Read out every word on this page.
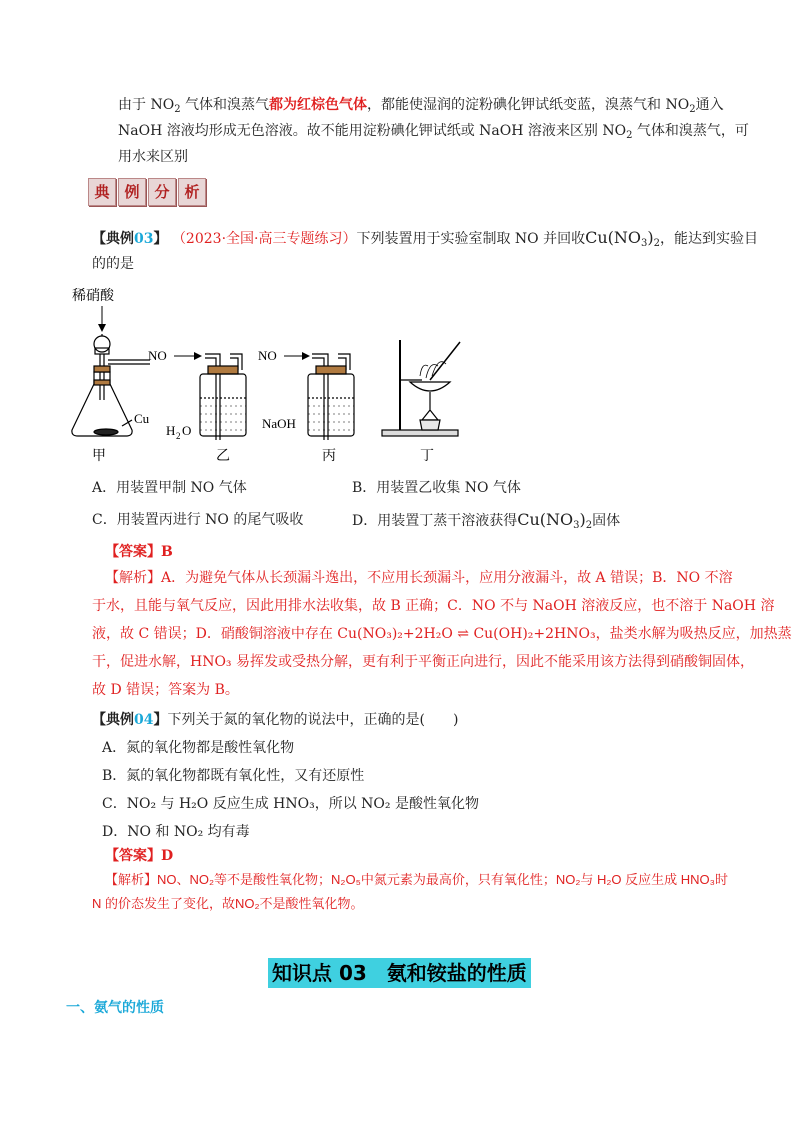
由于 $NO_2$ 气体和溴蒸气都为红棕色气体，都能使湿润的淀粉碘化钾试纸变蓝，溴蒸气和 $NO_2$通入
NaOH 溶液均形成无色溶液。故不能用淀粉碘化钾试纸或 NaOH 溶液来区别 $NO_2$ 气体和溴蒸气，可
用水来区别
典 例 分 析
【典例03】 （2023·全国·高三专题练习）下列装置用于实验室制取 NO 并回收$Cu(NO_3)_2$，能达到实验目
的的是
稀硝酸
Cu
甲
NO
H 2 O
乙
NO
NaOH
丙	丁
A．用装置甲制 NO 气体	B．用装置乙收集 NO 气体
C．用装置丙进行 NO 的尾气吸收	D．用装置丁蒸干溶液获得$Cu(NO_3)_2$固体
【答案】B
【解析】A．为避免气体从长颈漏斗逸出，不应用长颈漏斗，应用分液漏斗，故 A 错误；B．NO 不溶
于水，且能与氧气反应，因此用排水法收集，故 B 正确；C．NO 不与 NaOH 溶液反应，也不溶于 NaOH 溶
液，故 C 错误；D．硝酸铜溶液中存在 Cu(NO₃)₂+2H₂O ⇌ Cu(OH)₂+2HNO₃，盐类水解为吸热反应，加热蒸
干，促进水解，HNO₃ 易挥发或受热分解，更有利于平衡正向进行，因此不能采用该方法得到硝酸铜固体，
故 D 错误；答案为 B。
【典例04】下列关于氮的氧化物的说法中，正确的是(　　)
A．氮的氧化物都是酸性氧化物
B．氮的氧化物都既有氧化性，又有还原性
C．NO₂ 与 H₂O 反应生成 HNO₃，所以 NO₂ 是酸性氧化物
D．NO 和 NO₂ 均有毒
【答案】D
【解析】NO、NO₂等不是酸性氧化物；N₂O₅中氮元素为最高价，只有氧化性；NO₂与 H₂O 反应生成 HNO₃时
N 的价态发生了变化，故NO₂不是酸性氧化物。
知识点 03　氨和铵盐的性质
一、氨气的性质
